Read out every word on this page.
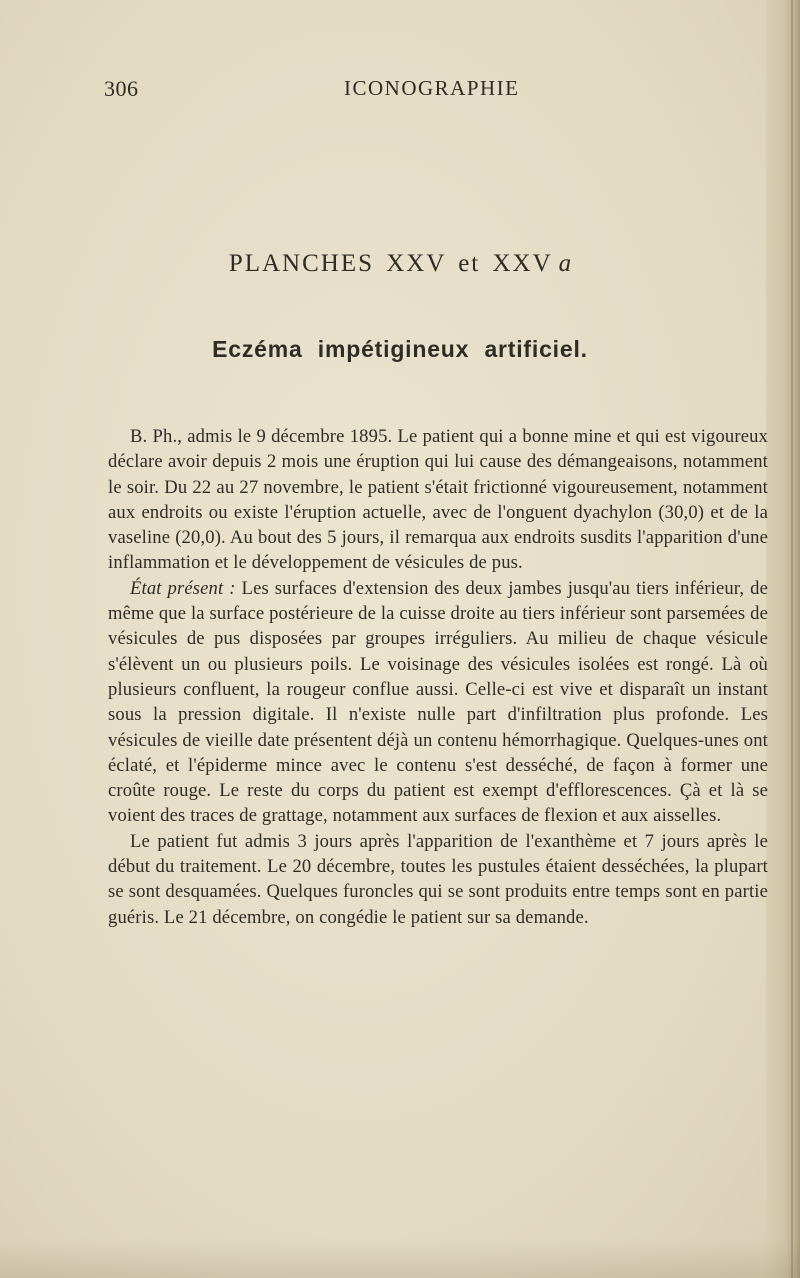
306	ICONOGRAPHIE
PLANCHES XXV et XXV a
Eczéma impétigineux artificiel.

B. Ph., admis le 9 décembre 1895. Le patient qui a bonne mine et qui est vigoureux déclare avoir depuis 2 mois une éruption qui lui cause des démangeaisons, notamment le soir. Du 22 au 27 novembre, le patient s'était frictionné vigoureusement, notamment aux endroits ou existe l'éruption actuelle, avec de l'onguent dyachylon (30,0) et de la vaseline (20,0). Au bout des 5 jours, il remarqua aux endroits susdits l'apparition d'une inflammation et le développement de vésicules de pus.

État présent : Les surfaces d'extension des deux jambes jusqu'au tiers inférieur, de même que la surface postérieure de la cuisse droite au tiers inférieur sont parsemées de vésicules de pus disposées par groupes irréguliers. Au milieu de chaque vésicule s'élèvent un ou plusieurs poils. Le voisinage des vésicules isolées est rongé. Là où plusieurs confluent, la rougeur conflue aussi. Celle-ci est vive et disparaît un instant sous la pression digitale. Il n'existe nulle part d'infiltration plus profonde. Les vésicules de vieille date présentent déjà un contenu hémorrhagique. Quelques-unes ont éclaté, et l'épiderme mince avec le contenu s'est desséché, de façon à former une croûte rouge. Le reste du corps du patient est exempt d'efflorescences. Çà et là se voient des traces de grattage, notamment aux surfaces de flexion et aux aisselles.

Le patient fut admis 3 jours après l'apparition de l'exanthème et 7 jours après le début du traitement. Le 20 décembre, toutes les pustules étaient desséchées, la plupart se sont desquamées. Quelques furoncles qui se sont produits entre temps sont en partie guéris. Le 21 décembre, on congédie le patient sur sa demande.
